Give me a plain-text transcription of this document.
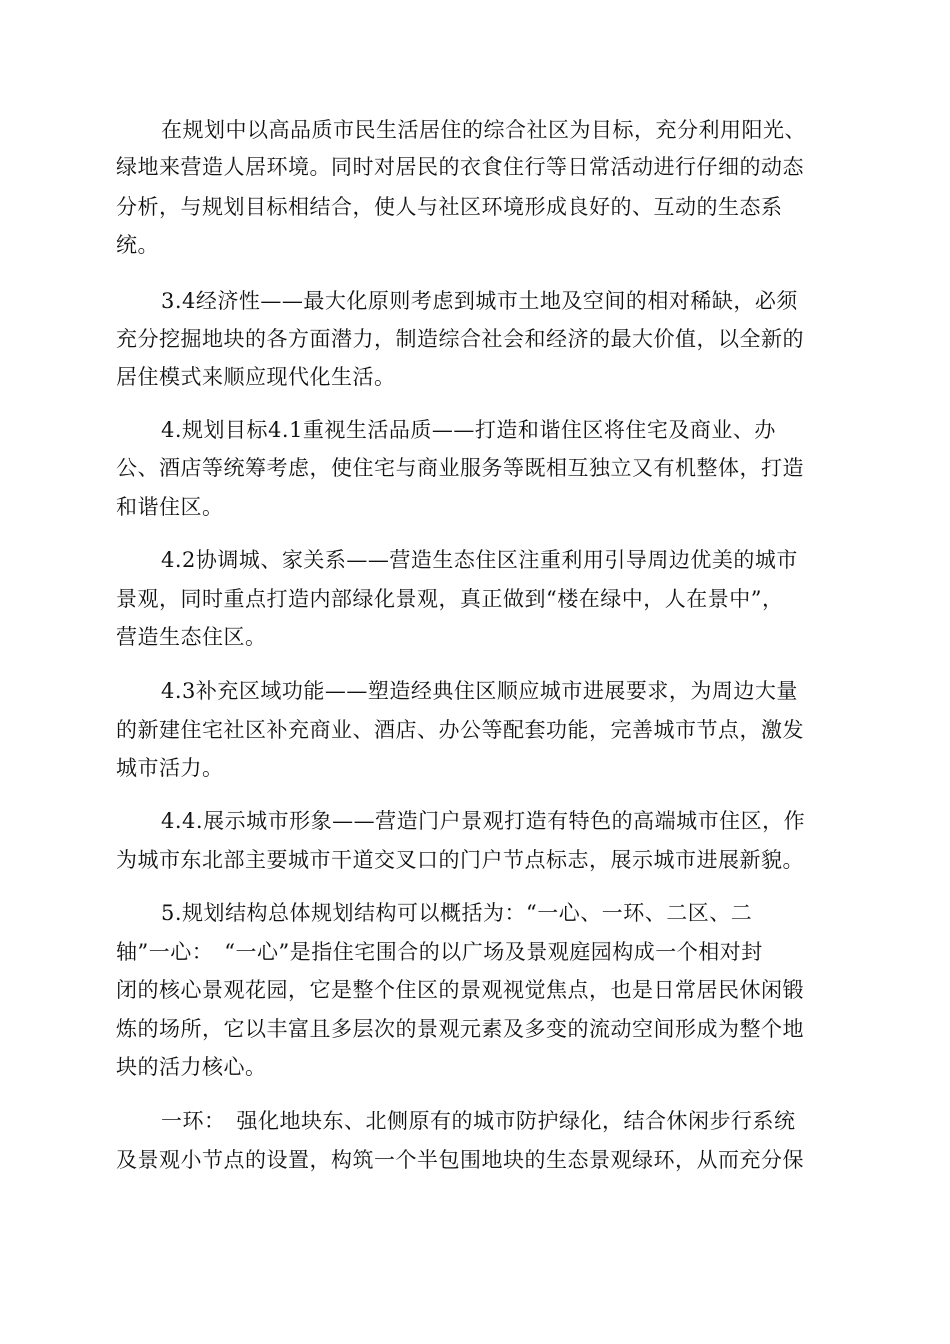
在规划中以高品质市民生活居住的综合社区为目标，充分利用阳光、
绿地来营造人居环境。同时对居民的衣食住行等日常活动进行仔细的动态
分析，与规划目标相结合，使人与社区环境形成良好的、互动的生态系
统。
3.4经济性——最大化原则考虑到城市土地及空间的相对稀缺，必须
充分挖掘地块的各方面潜力，制造综合社会和经济的最大价值，以全新的
居住模式来顺应现代化生活。
4.规划目标4.1重视生活品质——打造和谐住区将住宅及商业、办
公、酒店等统筹考虑，使住宅与商业服务等既相互独立又有机整体，打造
和谐住区。
4.2协调城、家关系——营造生态住区注重利用引导周边优美的城市
景观，同时重点打造内部绿化景观，真正做到“楼在绿中，人在景中”，
营造生态住区。
4.3补充区域功能——塑造经典住区顺应城市进展要求，为周边大量
的新建住宅社区补充商业、酒店、办公等配套功能，完善城市节点，激发
城市活力。
4.4.展示城市形象——营造门户景观打造有特色的高端城市住区，作
为城市东北部主要城市干道交叉口的门户节点标志，展示城市进展新貌。
5.规划结构总体规划结构可以概括为：“一心、一环、二区、二
轴”一心：　“一心”是指住宅围合的以广场及景观庭园构成一个相对封
闭的核心景观花园，它是整个住区的景观视觉焦点，也是日常居民休闲锻
炼的场所，它以丰富且多层次的景观元素及多变的流动空间形成为整个地
块的活力核心。
一环：　强化地块东、北侧原有的城市防护绿化，结合休闲步行系统
及景观小节点的设置，构筑一个半包围地块的生态景观绿环，从而充分保
